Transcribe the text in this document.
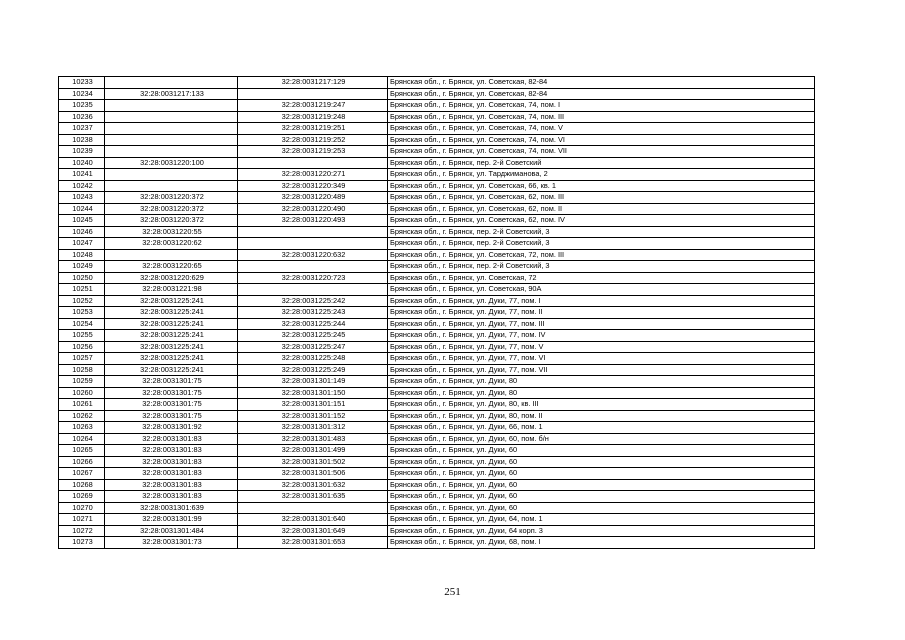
10233		32:28:0031217:129	Брянская обл., г. Брянск, ул. Советская, 82-84
10234	32:28:0031217:133		Брянская обл., г. Брянск, ул. Советская, 82-84
10235		32:28:0031219:247	Брянская обл., г. Брянск, ул. Советская, 74, пом. I
10236		32:28:0031219:248	Брянская обл., г. Брянск, ул. Советская, 74, пом. III
10237		32:28:0031219:251	Брянская обл., г. Брянск, ул. Советская, 74, пом. V
10238		32:28:0031219:252	Брянская обл., г. Брянск, ул. Советская, 74, пом. VI
10239		32:28:0031219:253	Брянская обл., г. Брянск, ул. Советская, 74, пом. VII
10240	32:28:0031220:100		Брянская обл., г. Брянск, пер. 2-й Советский
10241		32:28:0031220:271	Брянская обл., г. Брянск, ул. Тарджиманова, 2
10242		32:28:0031220:349	Брянская обл., г. Брянск, ул. Советская, 66, кв. 1
10243	32:28:0031220:372	32:28:0031220:489	Брянская обл., г. Брянск, ул. Советская, 62, пом. III
10244	32:28:0031220:372	32:28:0031220:490	Брянская обл., г. Брянск, ул. Советская, 62, пом. II
10245	32:28:0031220:372	32:28:0031220:493	Брянская обл., г. Брянск, ул. Советская, 62, пом. IV
10246	32:28:0031220:55		Брянская обл., г. Брянск, пер. 2-й Советский, 3
10247	32:28:0031220:62		Брянская обл., г. Брянск, пер. 2-й Советский, 3
10248		32:28:0031220:632	Брянская обл., г. Брянск, ул. Советская, 72, пом. III
10249	32:28:0031220:65		Брянская обл., г. Брянск, пер. 2-й Советский, 3
10250	32:28:0031220:629	32:28:0031220:723	Брянская обл., г. Брянск, ул. Советская, 72
10251	32:28:0031221:98		Брянская обл., г. Брянск, ул. Советская, 90А
10252	32:28:0031225:241	32:28:0031225:242	Брянская обл., г. Брянск, ул. Дуки, 77, пом. I
10253	32:28:0031225:241	32:28:0031225:243	Брянская обл., г. Брянск, ул. Дуки, 77, пом. II
10254	32:28:0031225:241	32:28:0031225:244	Брянская обл., г. Брянск, ул. Дуки, 77, пом. III
10255	32:28:0031225:241	32:28:0031225:245	Брянская обл., г. Брянск, ул. Дуки, 77, пом. IV
10256	32:28:0031225:241	32:28:0031225:247	Брянская обл., г. Брянск, ул. Дуки, 77, пом. V
10257	32:28:0031225:241	32:28:0031225:248	Брянская обл., г. Брянск, ул. Дуки, 77, пом. VI
10258	32:28:0031225:241	32:28:0031225:249	Брянская обл., г. Брянск, ул. Дуки, 77, пом. VII
10259	32:28:0031301:75	32:28:0031301:149	Брянская обл., г. Брянск, ул. Дуки, 80
10260	32:28:0031301:75	32:28:0031301:150	Брянская обл., г. Брянск, ул. Дуки, 80
10261	32:28:0031301:75	32:28:0031301:151	Брянская обл., г. Брянск, ул. Дуки, 80, кв. III
10262	32:28:0031301:75	32:28:0031301:152	Брянская обл., г. Брянск, ул. Дуки, 80, пом. II
10263	32:28:0031301:92	32:28:0031301:312	Брянская обл., г. Брянск, ул. Дуки, 66, пом. 1
10264	32:28:0031301:83	32:28:0031301:483	Брянская обл., г. Брянск, ул. Дуки, 60, пом. б/н
10265	32:28:0031301:83	32:28:0031301:499	Брянская обл., г. Брянск, ул. Дуки, 60
10266	32:28:0031301:83	32:28:0031301:502	Брянская обл., г. Брянск, ул. Дуки, 60
10267	32:28:0031301:83	32:28:0031301:506	Брянская обл., г. Брянск, ул. Дуки, 60
10268	32:28:0031301:83	32:28:0031301:632	Брянская обл., г. Брянск, ул. Дуки, 60
10269	32:28:0031301:83	32:28:0031301:635	Брянская обл., г. Брянск, ул. Дуки, 60
10270	32:28:0031301:639		Брянская обл., г. Брянск, ул. Дуки, 60
10271	32:28:0031301:99	32:28:0031301:640	Брянская обл., г. Брянск, ул. Дуки, 64, пом. 1
10272	32:28:0031301:484	32:28:0031301:649	Брянская обл., г. Брянск, ул. Дуки, 64 корп. 3
10273	32:28:0031301:73	32:28:0031301:653	Брянская обл., г. Брянск, ул. Дуки, 68, пом. I
251
